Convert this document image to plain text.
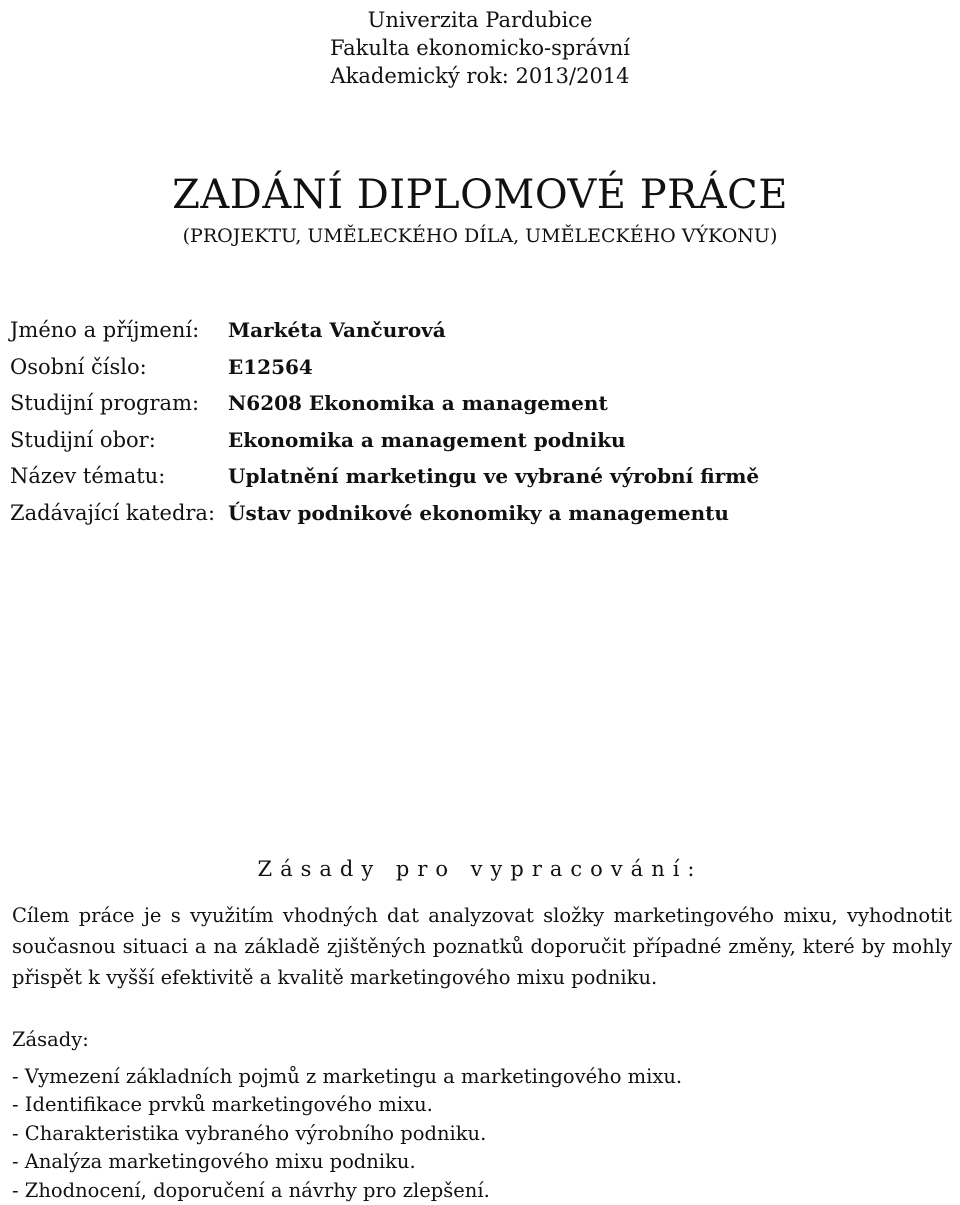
Univerzita Pardubice
Fakulta ekonomicko-správní
Akademický rok: 2013/2014
ZADÁNÍ DIPLOMOVÉ PRÁCE
(PROJEKTU, UMĚLECKÉHO DÍLA, UMĚLECKÉHO VÝKONU)
Jméno a příjmení:	Markéta Vančurová
Osobní číslo:	E12564
Studijní program:	N6208 Ekonomika a management
Studijní obor:	Ekonomika a management podniku
Název tématu:	Uplatnění marketingu ve vybrané výrobní firmě
Zadávající katedra: Ústav podnikové ekonomiky a managementu
Zásady pro vypracování:
Cílem práce je s využitím vhodných dat analyzovat složky marketingového mixu, vyhodnotit současnou situaci a na základě zjištěných poznatků doporučit případné změny, které by mohly přispět k vyšší efektivitě a kvalitě marketingového mixu podniku.
Zásady:
- Vymezení základních pojmů z marketingu a marketingového mixu.
- Identifikace prvků marketingového mixu.
- Charakteristika vybraného výrobního podniku.
- Analýza marketingového mixu podniku.
- Zhodnocení, doporučení a návrhy pro zlepšení.
